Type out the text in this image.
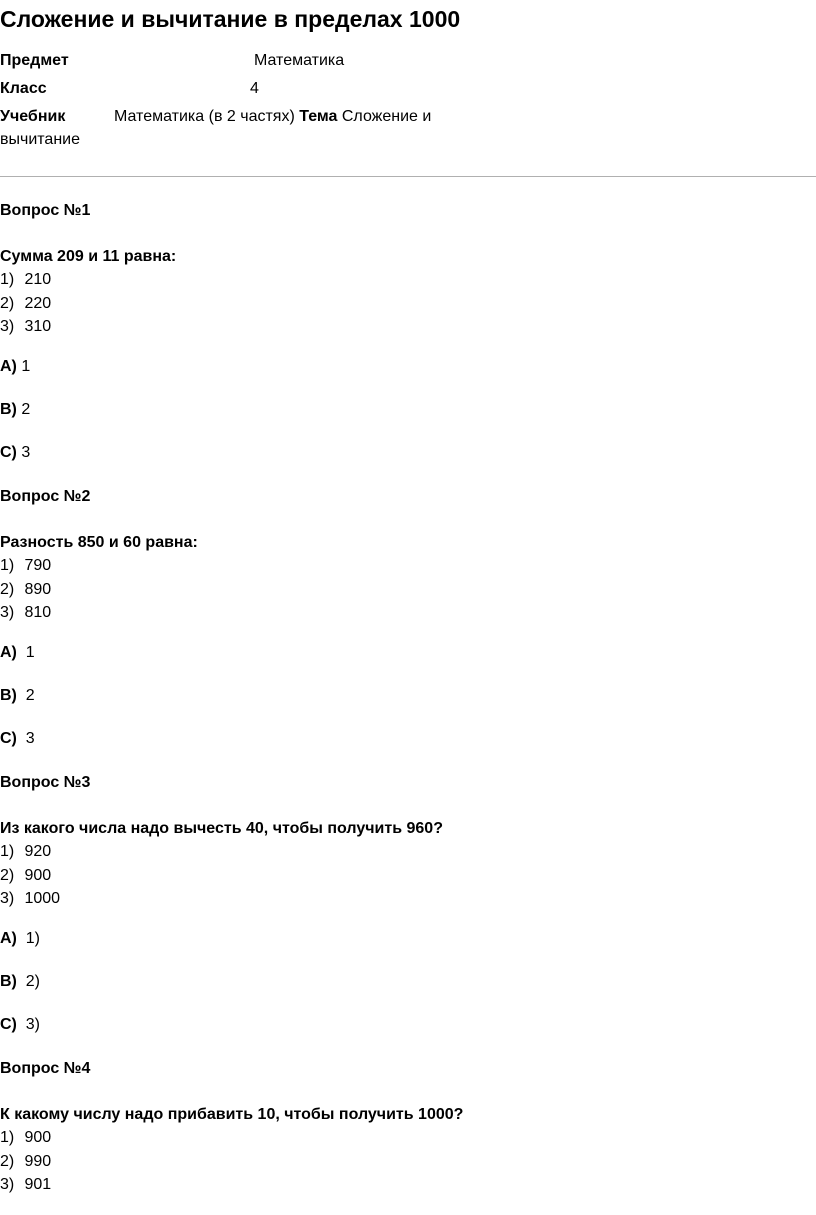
Сложение и вычитание в пределах 1000
Предмет	Математика
Класс	4
Учебник	Математика (в 2 частях) Тема Сложение и
вычитание

Вопрос №1

Сумма 209 и 11 равна:

1) 210
2) 220
3) 310

A) 1

B) 2

C) 3

Вопрос №2

Разность 850 и 60 равна:

1) 790
2) 890
3) 810

A) 1

B) 2

C) 3

Вопрос №3

Из какого числа надо вычесть 40, чтобы получить 960?

1) 920
2) 900
3) 1000

A) 1)

B) 2)

C) 3)

Вопрос №4

К какому числу надо прибавить 10, чтобы получить 1000?

1) 900
2) 990
3) 901
